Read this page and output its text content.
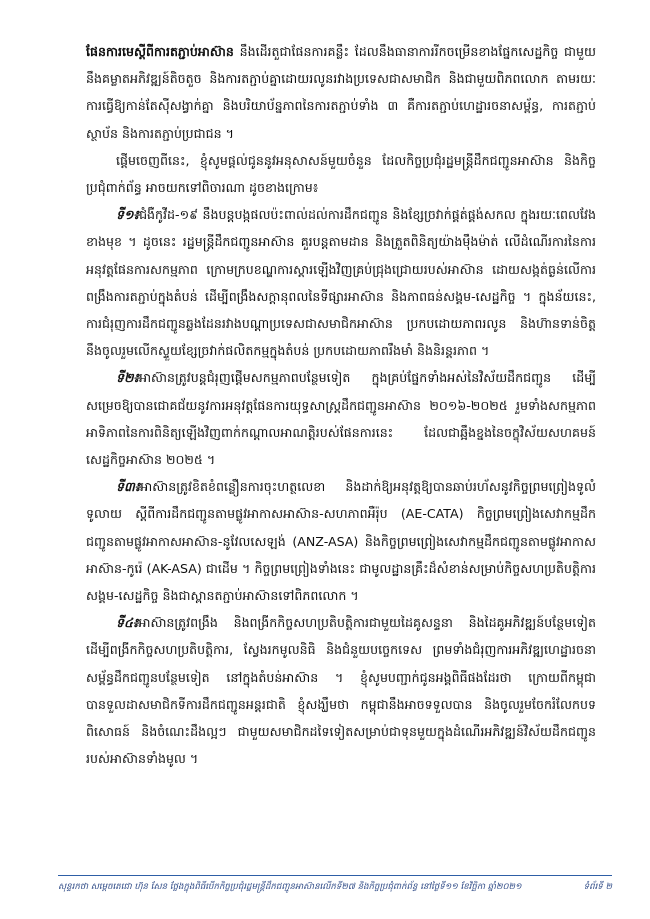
ផែនការមេស្ដីពីការតភ្ជាប់អាស៊ាន នឹងដើរតួជាផែនការគន្លឹះ ដែលនឹងធានាការរីកចម្រើនខាងផ្នែកសេដ្ឋកិច្ច ជាមួយនឹងគម្លាតអភិវឌ្ឍន៍តិចតួច និងការតភ្ជាប់គ្នាដោយរលូនរវាងប្រទេសជាសមាជិក និងជាមួយពិភពលោក តាមរយៈការធ្វើឱ្យកាន់តែស៊ីសង្វាក់គ្នា និងបរិយាប័ន្នភាពនៃការតភ្ជាប់ទាំង ៣ គឺការតភ្ជាប់ហេដ្ឋារចនាសម្ព័ន្ធ, ការតភ្ជាប់ស្ថាប័ន និងការតភ្ជាប់ប្រជាជន ។

ផ្ដើមចេញពីនេះ, ខ្ញុំសូមផ្ដល់ជូននូវអនុសាសន៍មួយចំនួន ដែលកិច្ចប្រជុំរដ្ឋមន្ត្រីដឹកជញ្ជូនអាស៊ាន និងកិច្ចប្រជុំពាក់ព័ន្ធ អាចយកទៅពិចារណា ដូចខាងក្រោម៖

ទី១៖ជំងឺកូវីដ-១៩ នឹងបន្ដបង្កផលប៉ះពាល់ដល់ការដឹកជញ្ជូន និងខ្សែច្រវាក់ផ្គត់ផ្គង់សកល ក្នុងរយៈពេលវែងខាងមុខ ។ ដូចនេះ រដ្ឋមន្ត្រីដឹកជញ្ជូនអាស៊ាន គួរបន្ដតាមដាន និងត្រួតពិនិត្យយ៉ាងម៉ឹងម៉ាត់ លើដំណើរការនៃការអនុវត្តផែនការសកម្មភាព ក្រោមក្របខណ្ឌការស្ដារឡើងវិញគ្រប់ជ្រុងជ្រោយរបស់អាស៊ាន ដោយសង្កត់ធ្ងន់លើការពង្រឹងការតភ្ជាប់ក្នុងតំបន់ ដើម្បីពង្រឹងសក្ដានុពលនៃទីផ្សារអាស៊ាន និងភាពធន់សង្គម-សេដ្ឋកិច្ច ។ ក្នុងន័យនេះ, ការជំរុញការដឹកជញ្ជូនឆ្លងដែនរវាងបណ្ដាប្រទេសជាសមាជិកអាស៊ាន ប្រកបដោយភាពរលូន និងហ៊ានទាន់ចិត្ត នឹងចូលរួមលើកស្ទួយខ្សែច្រវាក់ផលិតកម្មក្នុងតំបន់ ប្រកបដោយភាពរឹងមាំ និងនិរន្តរភាព ។

ទី២៖អាស៊ានត្រូវបន្តជំរុញផ្ដើមសកម្មភាពបន្ថែមទៀត ក្នុងគ្រប់ផ្នែកទាំងអស់នៃវិស័យដឹកជញ្ជូន ដើម្បីសម្រេចឱ្យបានជោគជ័យនូវការអនុវត្តផែនការយុទ្ធសាស្ត្រដឹកជញ្ជូនអាស៊ាន ២០១៦-២០២៥ រួមទាំងសកម្មភាពអាទិភាពនៃការពិនិត្យឡើងវិញពាក់កណ្ដាលអាណត្តិរបស់ផែនការនេះ ដែលជាឆ្អឹងខ្នងនៃចក្ខុវិស័យសហគមន៍សេដ្ឋកិច្ចអាស៊ាន ២០២៥ ។

ទី៣៖អាស៊ានត្រូវខិតខំពន្លឿនការចុះហត្ថលេខា និងដាក់ឱ្យអនុវត្តឱ្យបានឆាប់រហ័សនូវកិច្ចព្រមព្រៀងទូលំទូលាយ ស្ដីពីការដឹកជញ្ជូនតាមផ្លូវអាកាសអាស៊ាន-សហភាពអឺរ៉ុប (AE-CATA) កិច្ចព្រមព្រៀងសេវាកម្មដឹកជញ្ជូនតាមផ្លូវអាកាសអាស៊ាន-នូវែលសេឡង់ (ANZ-ASA) និងកិច្ចព្រមព្រៀងសេវាកម្មដឹកជញ្ជូនតាមផ្លូវអាកាសអាស៊ាន-កូរ៉េ (AK-ASA) ជាដើម ។ កិច្ចព្រមព្រៀងទាំងនេះ ជាមូលដ្ឋានគ្រឹះដ៏សំខាន់សម្រាប់កិច្ចសហប្រតិបត្តិការសង្គម-សេដ្ឋកិច្ច និងជាស្ពានតភ្ជាប់អាស៊ានទៅពិភពលោក ។

ទី៤៖អាស៊ានត្រូវពង្រឹង និងពង្រីកកិច្ចសហប្រតិបត្តិការជាមួយដៃគូសន្ទនា និងដៃគូអភិវឌ្ឍន៍បន្ថែមទៀត ដើម្បីពង្រីកកិច្ចសហប្រតិបត្តិការ, ស្វែងរកមូលនិធិ និងជំនួយបច្ចេកទេស ព្រមទាំងជំរុញការអភិវឌ្ឍហេដ្ឋារចនាសម្ព័ន្ធដឹកជញ្ជូនបន្ថែមទៀត នៅក្នុងតំបន់អាស៊ាន ។ ខ្ញុំសូមបញ្ជាក់ជូនអង្គពិធីផងដែរថា ក្រោយពីកម្ពុជាបានទួលដាសមាជិកទីការដឹកជញ្ជូនអន្តរជាតិ ខ្ញុំសង្ឃឹមថា កម្ពុជានឹងអាចទទួលបាន និងចូលរួមចែករំលែកបទពិសោធន៍ និងចំណេះដឹងល្អៗ ជាមួយសមាជិកដទៃទៀតសម្រាប់ជាទុនមួយក្នុងដំណើរអភិវឌ្ឍន៍វិស័យដឹកជញ្ជូនរបស់អាស៊ានទាំងមូល ។

សុន្ទរកថា សម្ដេចតេជោ ហ៊ុន សែន ថ្លែងក្នុងពិធីបើកកិច្ចប្រជុំរដ្ឋមន្ត្រីដឹកជញ្ជូនអាស៊ានលើកទី២៧ និងកិច្ចប្រជុំពាក់ព័ន្ធ នៅថ្ងៃទី១១ ខែវិច្ឆិកា ឆ្នាំ២០២១	ទំព័រទី ២
